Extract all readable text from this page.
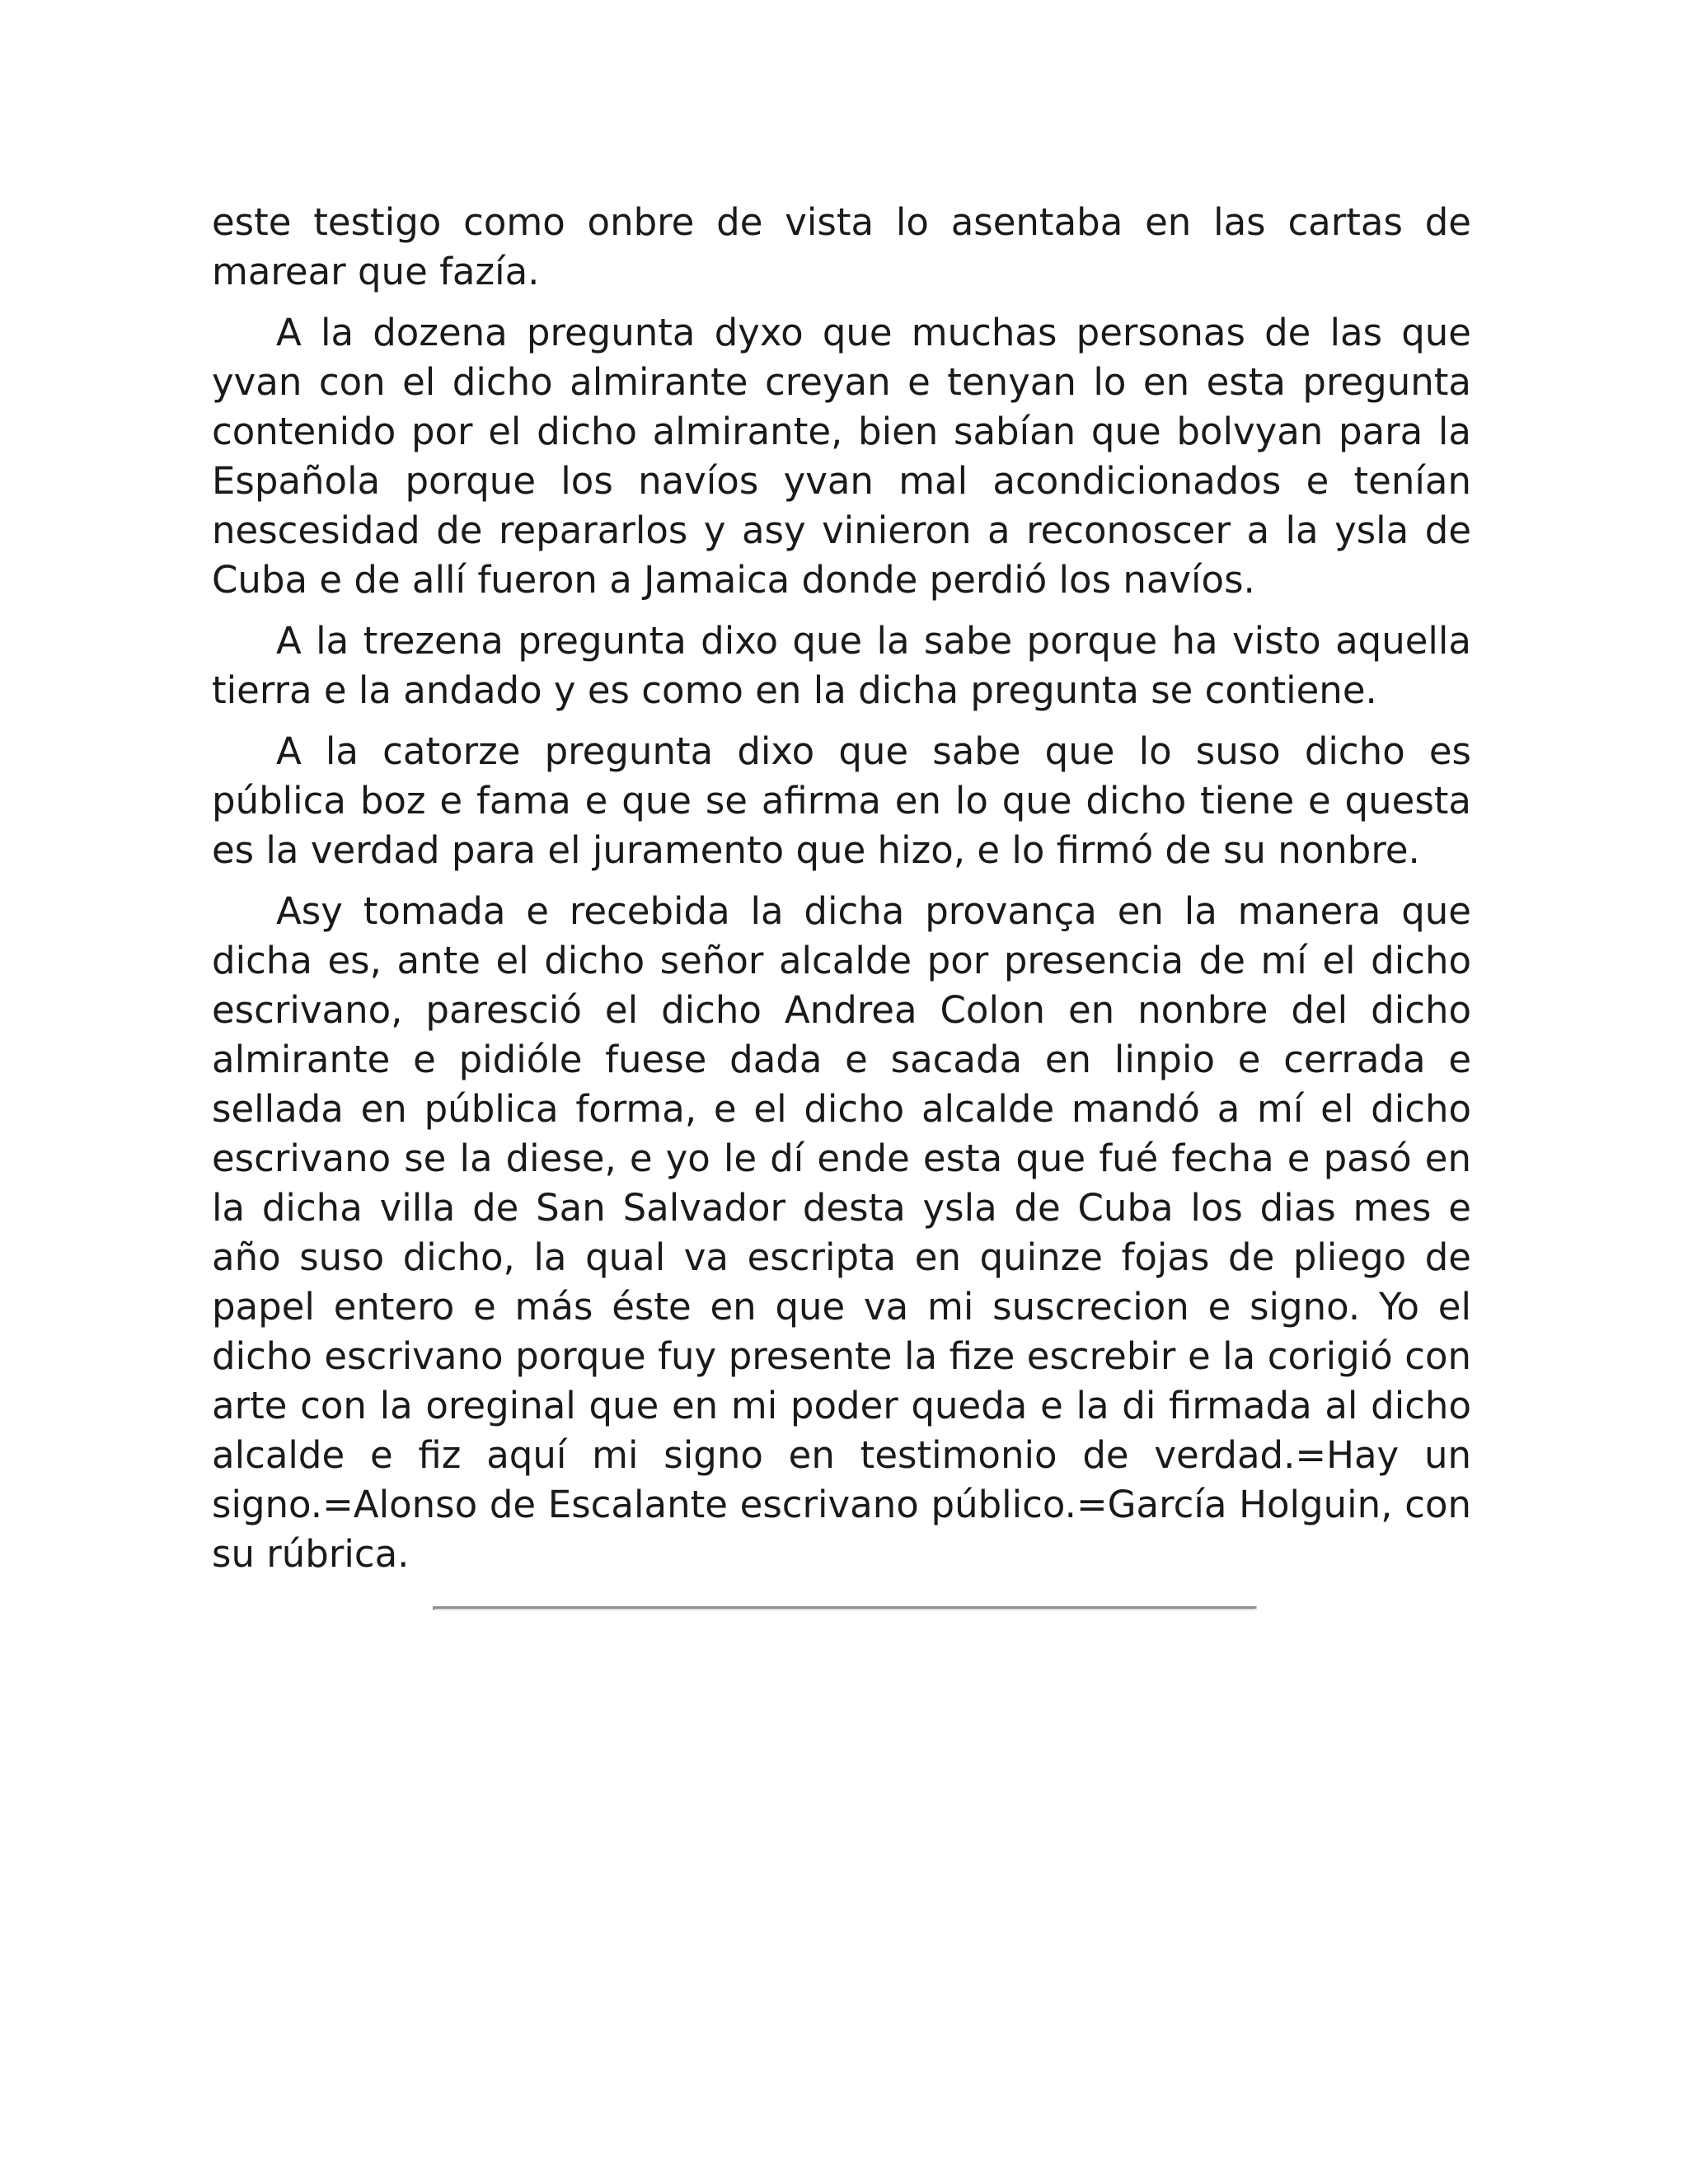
este testigo como onbre de vista lo asentaba en las cartas de marear que fazía.

A la dozena pregunta dyxo que muchas personas de las que yvan con el dicho almirante creyan e tenyan lo en esta pregunta contenido por el dicho almirante, bien sabían que bolvyan para la Española porque los navíos yvan mal acondicionados e tenían nescesidad de repararlos y asy vinieron a reconoscer a la ysla de Cuba e de allí fueron a Jamaica donde perdió los navíos.

A la trezena pregunta dixo que la sabe porque ha visto aquella tierra e la andado y es como en la dicha pregunta se contiene.

A la catorze pregunta dixo que sabe que lo suso dicho es pública boz e fama e que se afirma en lo que dicho tiene e questa es la verdad para el juramento que hizo, e lo firmó de su nonbre.

Asy tomada e recebida la dicha provança en la manera que dicha es, ante el dicho señor alcalde por presencia de mí el dicho escrivano, paresció el dicho Andrea Colon en nonbre del dicho almirante e pidióle fuese dada e sacada en linpio e cerrada e sellada en pública forma, e el dicho alcalde mandó a mí el dicho escrivano se la diese, e yo le dí ende esta que fué fecha e pasó en la dicha villa de San Salvador desta ysla de Cuba los dias mes e año suso dicho, la qual va escripta en quinze fojas de pliego de papel entero e más éste en que va mi suscrecion e signo. Yo el dicho escrivano porque fuy presente la fize escrebir e la corigió con arte con la oreginal que en mi poder queda e la di firmada al dicho alcalde e fiz aquí mi signo en testimonio de verdad.=Hay un signo.=Alonso de Escalante escrivano público.=García Holguin, con su rúbrica.
